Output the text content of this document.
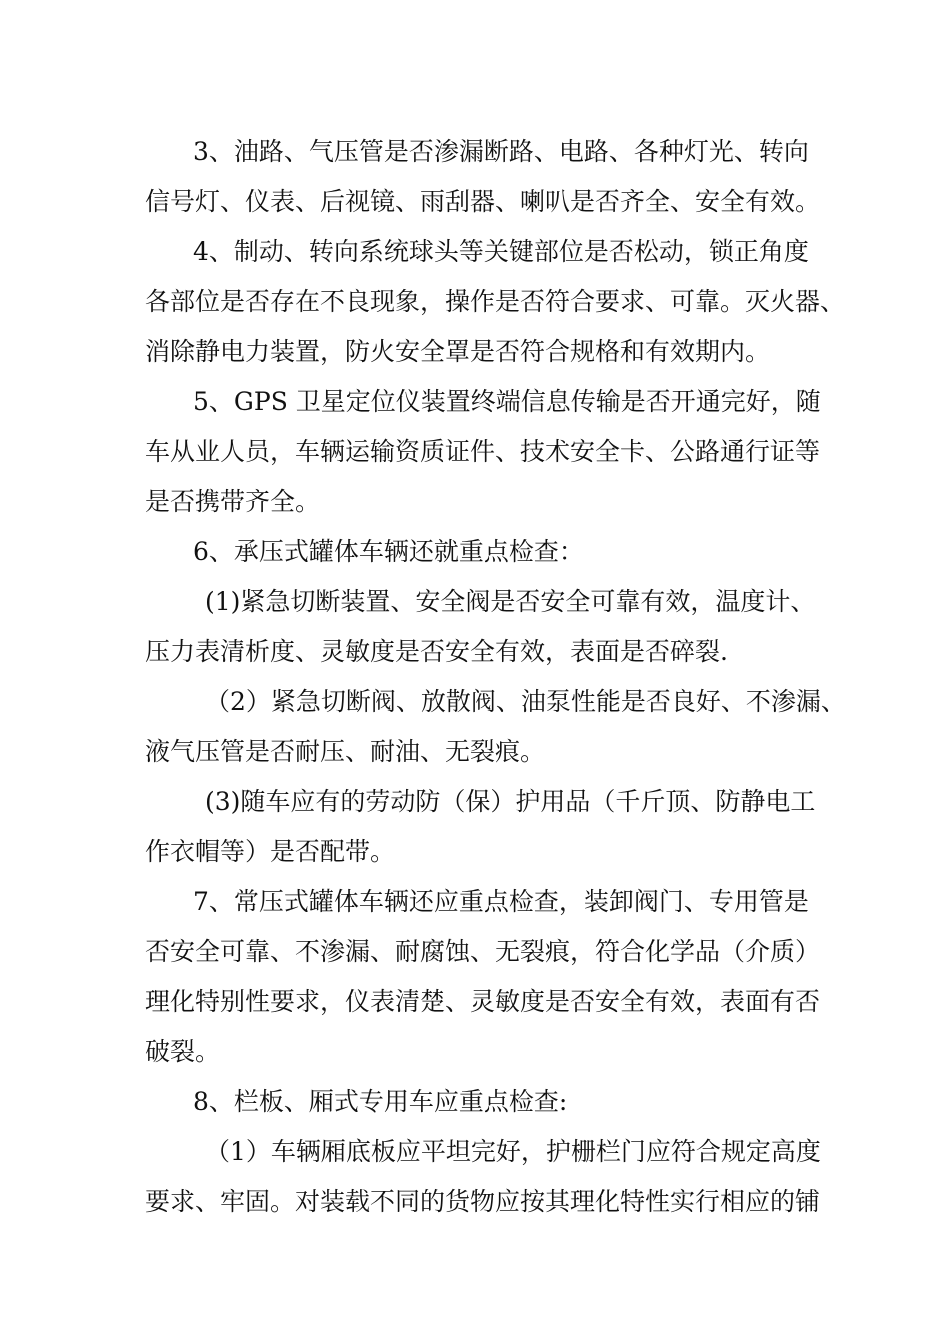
3、油路、气压管是否渗漏断路、电路、各种灯光、转向
信号灯、仪表、后视镜、雨刮器、喇叭是否齐全、安全有效。
4、制动、转向系统球头等关键部位是否松动，锁正角度
各部位是否存在不良现象，操作是否符合要求、可靠。灭火器、
消除静电力装置，防火安全罩是否符合规格和有效期内。
5、GPS 卫星定位仪装置终端信息传输是否开通完好，随
车从业人员，车辆运输资质证件、技术安全卡、公路通行证等
是否携带齐全。
6、承压式罐体车辆还就重点检查：
(1)紧急切断装置、安全阀是否安全可靠有效，温度计、
压力表清析度、灵敏度是否安全有效，表面是否碎裂.
（2）紧急切断阀、放散阀、油泵性能是否良好、不渗漏、
液气压管是否耐压、耐油、无裂痕。
(3)随车应有的劳动防（保）护用品（千斤顶、防静电工
作衣帽等）是否配带。
7、常压式罐体车辆还应重点检查，装卸阀门、专用管是
否安全可靠、不渗漏、耐腐蚀、无裂痕，符合化学品（介质）
理化特别性要求，仪表清楚、灵敏度是否安全有效，表面有否
破裂。
8、栏板、厢式专用车应重点检查:
（1）车辆厢底板应平坦完好，护栅栏门应符合规定高度
要求、牢固。对装载不同的货物应按其理化特性实行相应的铺
